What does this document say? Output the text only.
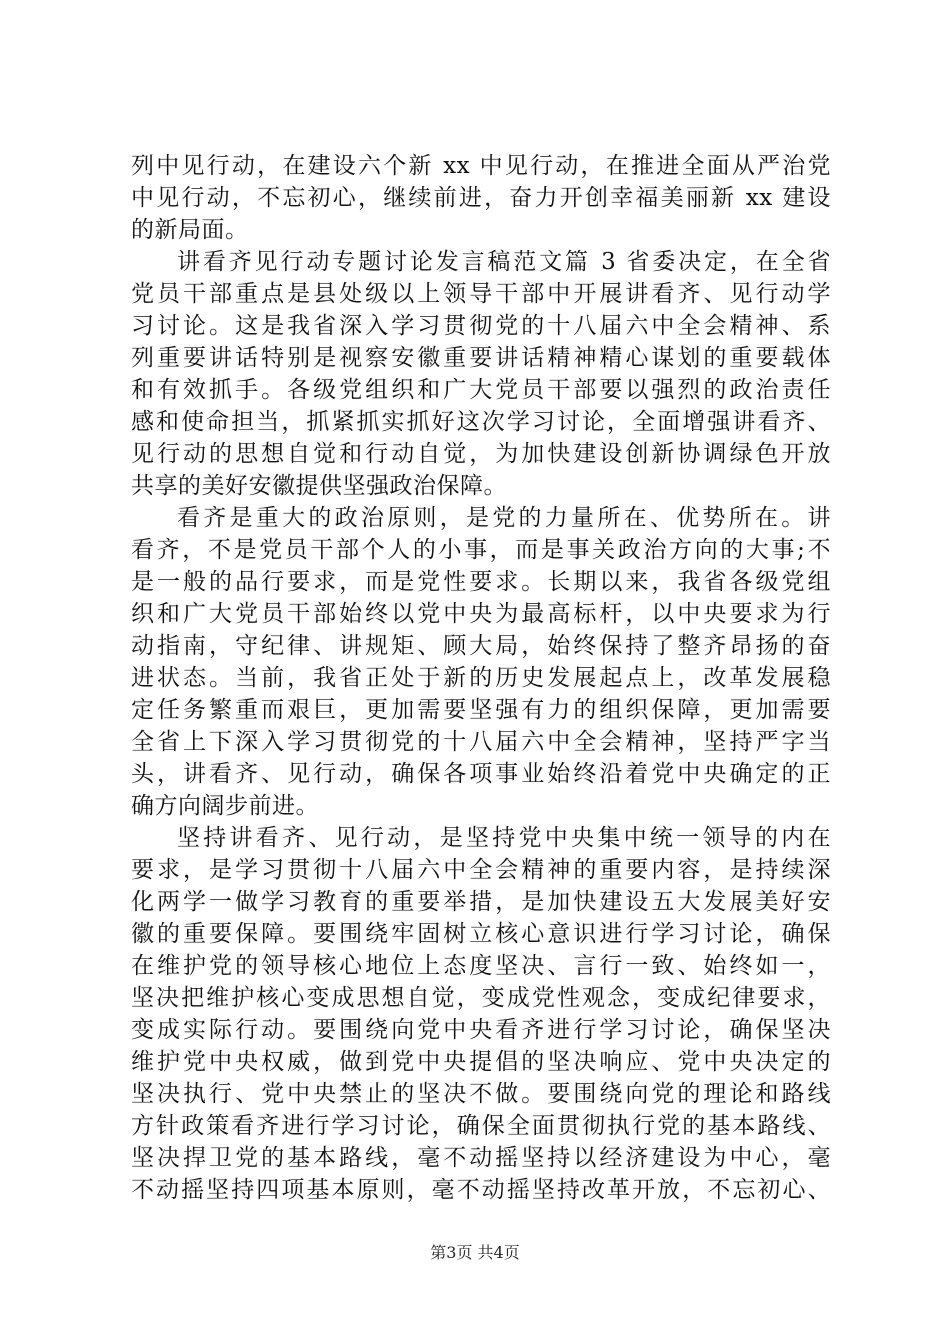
列中见行动，在建设六个新 xx 中见行动，在推进全面从严治党
中见行动，不忘初心，继续前进，奋力开创幸福美丽新 xx 建设
的新局面。
讲看齐见行动专题讨论发言稿范文篇 3 省委决定，在全省
党员干部重点是县处级以上领导干部中开展讲看齐、见行动学
习讨论。这是我省深入学习贯彻党的十八届六中全会精神、系
列重要讲话特别是视察安徽重要讲话精神精心谋划的重要载体
和有效抓手。各级党组织和广大党员干部要以强烈的政治责任
感和使命担当，抓紧抓实抓好这次学习讨论，全面增强讲看齐、
见行动的思想自觉和行动自觉，为加快建设创新协调绿色开放
共享的美好安徽提供坚强政治保障。
看齐是重大的政治原则，是党的力量所在、优势所在。讲
看齐，不是党员干部个人的小事，而是事关政治方向的大事;不
是一般的品行要求，而是党性要求。长期以来，我省各级党组
织和广大党员干部始终以党中央为最高标杆，以中央要求为行
动指南，守纪律、讲规矩、顾大局，始终保持了整齐昂扬的奋
进状态。当前，我省正处于新的历史发展起点上，改革发展稳
定任务繁重而艰巨，更加需要坚强有力的组织保障，更加需要
全省上下深入学习贯彻党的十八届六中全会精神，坚持严字当
头，讲看齐、见行动，确保各项事业始终沿着党中央确定的正
确方向阔步前进。
坚持讲看齐、见行动，是坚持党中央集中统一领导的内在
要求，是学习贯彻十八届六中全会精神的重要内容，是持续深
化两学一做学习教育的重要举措，是加快建设五大发展美好安
徽的重要保障。要围绕牢固树立核心意识进行学习讨论，确保
在维护党的领导核心地位上态度坚决、言行一致、始终如一，
坚决把维护核心变成思想自觉，变成党性观念，变成纪律要求，
变成实际行动。要围绕向党中央看齐进行学习讨论，确保坚决
维护党中央权威，做到党中央提倡的坚决响应、党中央决定的
坚决执行、党中央禁止的坚决不做。要围绕向党的理论和路线
方针政策看齐进行学习讨论，确保全面贯彻执行党的基本路线、
坚决捍卫党的基本路线，毫不动摇坚持以经济建设为中心，毫
不动摇坚持四项基本原则，毫不动摇坚持改革开放，不忘初心、
第3页 共4页
